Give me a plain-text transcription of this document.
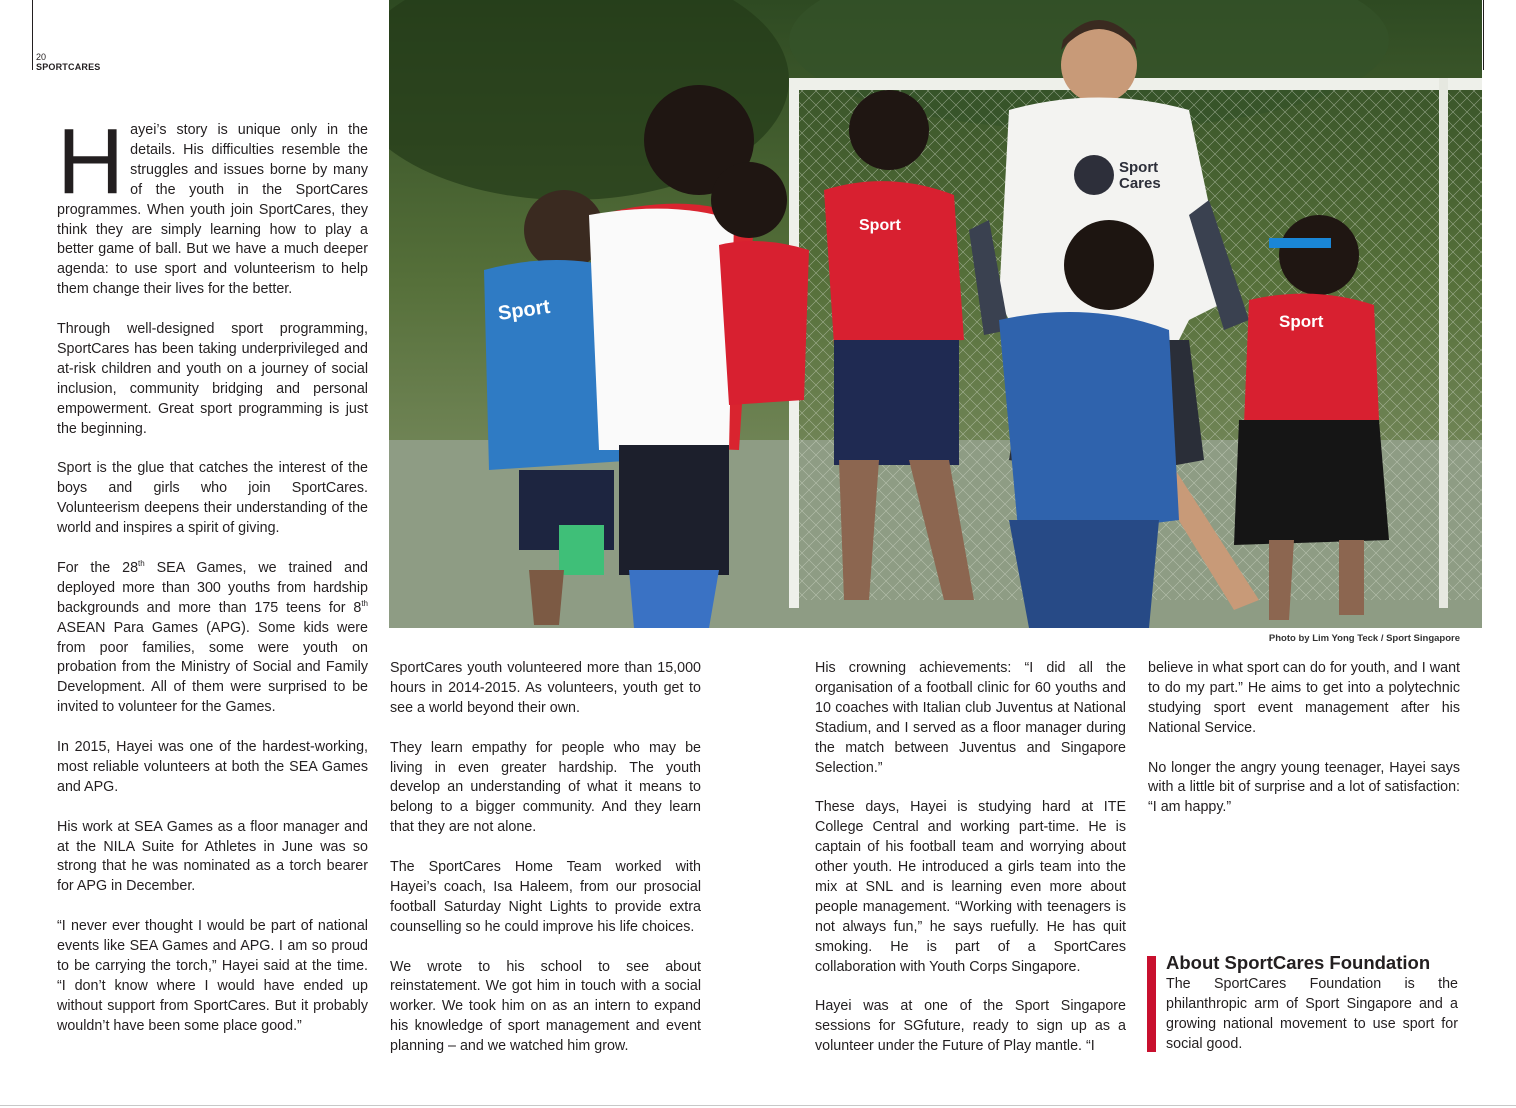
20
SPORTCARES

Hayei’s story is unique only in the details. His difficulties resemble the struggles and issues borne by many of the youth in the SportCares programmes. When youth join SportCares, they think they are simply learning how to play a better game of ball. But we have a much deeper agenda: to use sport and volunteerism to help them change their lives for the better.

Through well-designed sport programming, SportCares has been taking underprivileged and at-risk children and youth on a journey of social inclusion, community bridging and personal empowerment. Great sport programming is just the beginning.

Sport is the glue that catches the interest of the boys and girls who join SportCares. Volunteerism deepens their understanding of the world and inspires a spirit of giving.

For the 28th SEA Games, we trained and deployed more than 300 youths from hardship backgrounds and more than 175 teens for 8th ASEAN Para Games (APG). Some kids were from poor families, some were youth on probation from the Ministry of Social and Family Development. All of them were surprised to be invited to volunteer for the Games.

In 2015, Hayei was one of the hardest-working, most reliable volunteers at both the SEA Games and APG.

His work at SEA Games as a floor manager and at the NILA Suite for Athletes in June was so strong that he was nominated as a torch bearer for APG in December.

“I never ever thought I would be part of national events like SEA Games and APG. I am so proud to be carrying the torch,” Hayei said at the time. “I don’t know where I would have ended up without support from SportCares. But it probably wouldn’t have been some place good.”

Sport
Cares
Sport
Sport
Sport
Photo by Lim Yong Teck / Sport Singapore

SportCares youth volunteered more than 15,000 hours in 2014-2015. As volunteers, youth get to see a world beyond their own.

They learn empathy for people who may be living in even greater hardship. The youth develop an understanding of what it means to belong to a bigger community. And they learn that they are not alone.

The SportCares Home Team worked with Hayei’s coach, Isa Haleem, from our prosocial football Saturday Night Lights to provide extra counselling so he could improve his life choices.

We wrote to his school to see about reinstatement. We got him in touch with a social worker. We took him on as an intern to expand his knowledge of sport management and event planning – and we watched him grow.

His crowning achievements: “I did all the organisation of a football clinic for 60 youths and 10 coaches with Italian club Juventus at National Stadium, and I served as a floor manager during the match between Juventus and Singapore Selection.”

These days, Hayei is studying hard at ITE College Central and working part-time. He is captain of his football team and worrying about other youth. He introduced a girls team into the mix at SNL and is learning even more about people management. “Working with teenagers is not always fun,” he says ruefully. He has quit smoking. He is part of a SportCares collaboration with Youth Corps Singapore.

Hayei was at one of the Sport Singapore sessions for SGfuture, ready to sign up as a volunteer under the Future of Play mantle. “I

believe in what sport can do for youth, and I want to do my part.” He aims to get into a polytechnic studying sport event management after his National Service.

No longer the angry young teenager, Hayei says with a little bit of surprise and a lot of satisfaction: “I am happy.”

About SportCares Foundation
The SportCares Foundation is the philanthropic arm of Sport Singapore and a growing national movement to use sport for social good.
